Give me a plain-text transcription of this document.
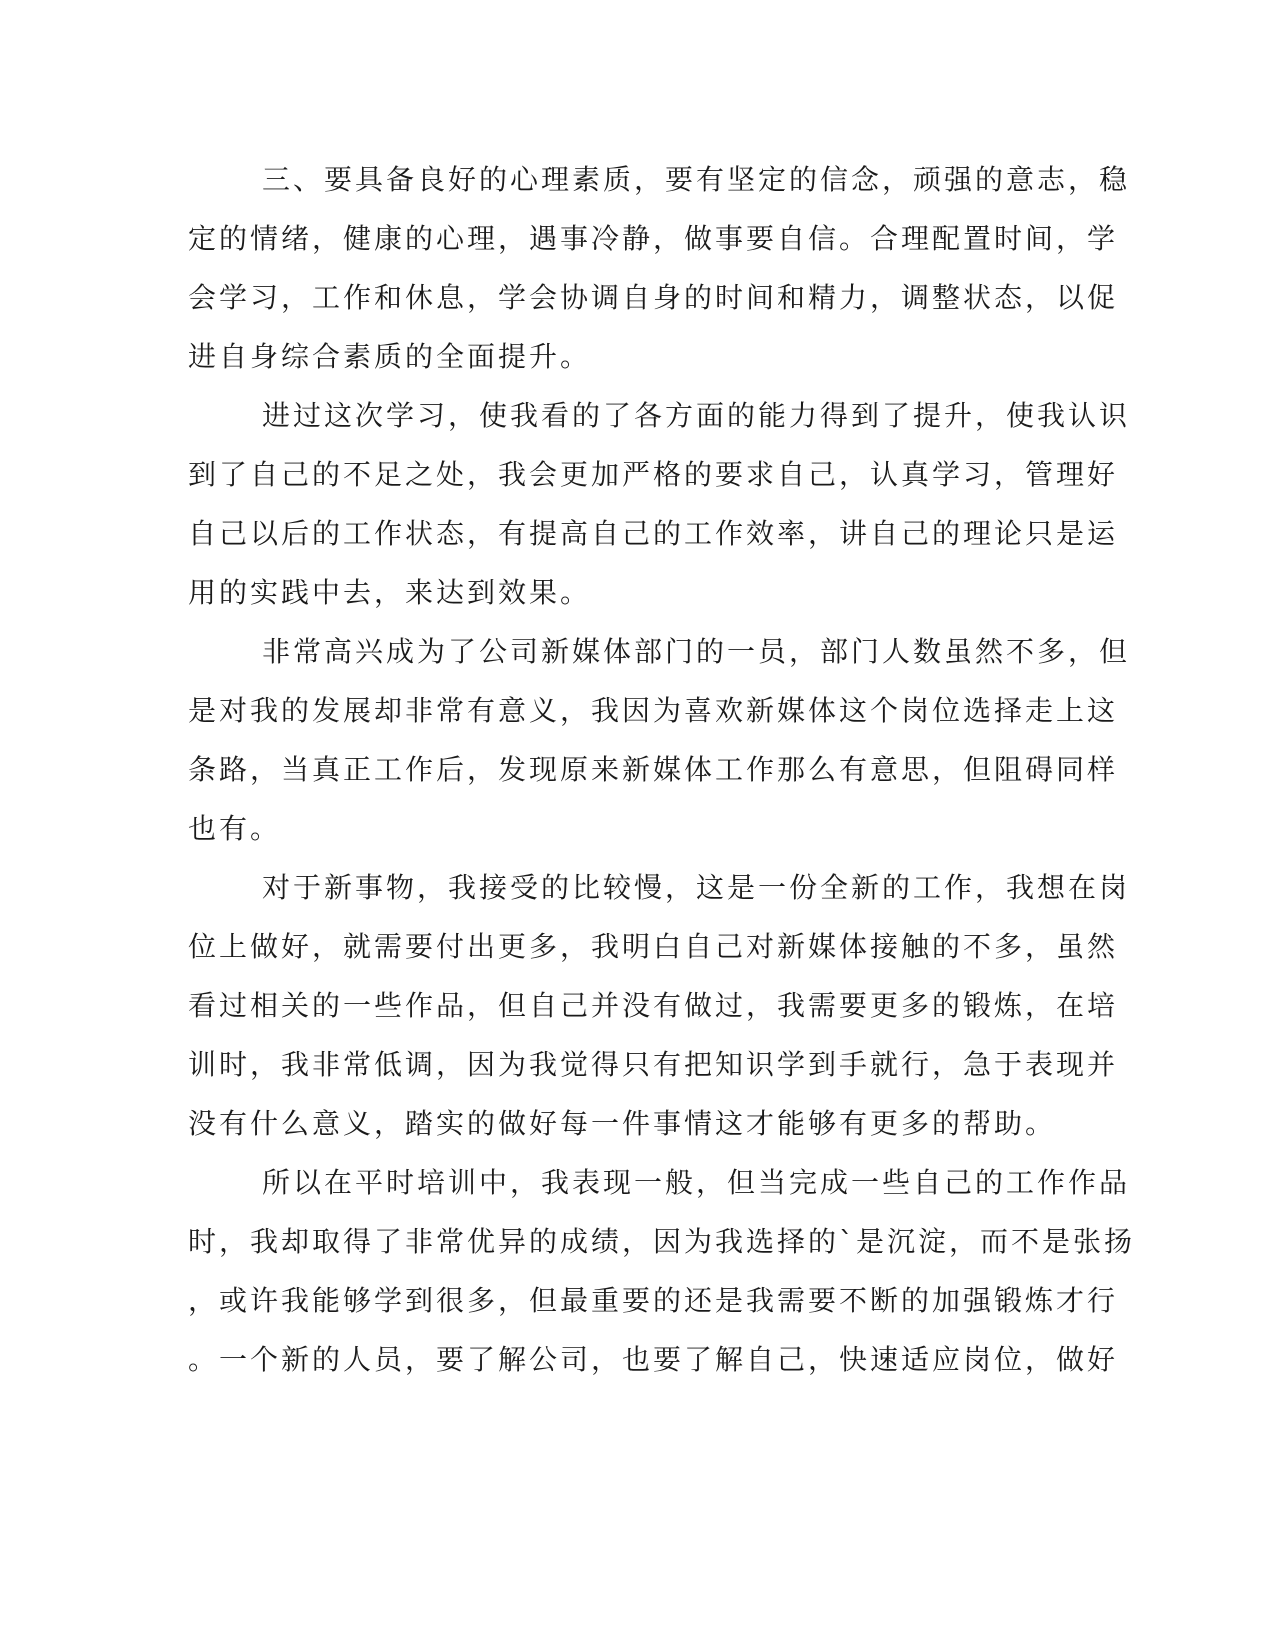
三、要具备良好的心理素质，要有坚定的信念，顽强的意志，稳
定的情绪，健康的心理，遇事冷静，做事要自信。合理配置时间，学
会学习，工作和休息，学会协调自身的时间和精力，调整状态，以促
进自身综合素质的全面提升。
进过这次学习，使我看的了各方面的能力得到了提升，使我认识
到了自己的不足之处，我会更加严格的要求自己，认真学习，管理好
自己以后的工作状态，有提高自己的工作效率，讲自己的理论只是运
用的实践中去，来达到效果。
非常高兴成为了公司新媒体部门的一员，部门人数虽然不多，但
是对我的发展却非常有意义，我因为喜欢新媒体这个岗位选择走上这
条路，当真正工作后，发现原来新媒体工作那么有意思，但阻碍同样
也有。
对于新事物，我接受的比较慢，这是一份全新的工作，我想在岗
位上做好，就需要付出更多，我明白自己对新媒体接触的不多，虽然
看过相关的一些作品，但自己并没有做过，我需要更多的锻炼，在培
训时，我非常低调，因为我觉得只有把知识学到手就行，急于表现并
没有什么意义，踏实的做好每一件事情这才能够有更多的帮助。
所以在平时培训中，我表现一般，但当完成一些自己的工作作品
时，我却取得了非常优异的成绩，因为我选择的`是沉淀，而不是张扬
，或许我能够学到很多，但最重要的还是我需要不断的加强锻炼才行
。一个新的人员，要了解公司，也要了解自己，快速适应岗位，做好
